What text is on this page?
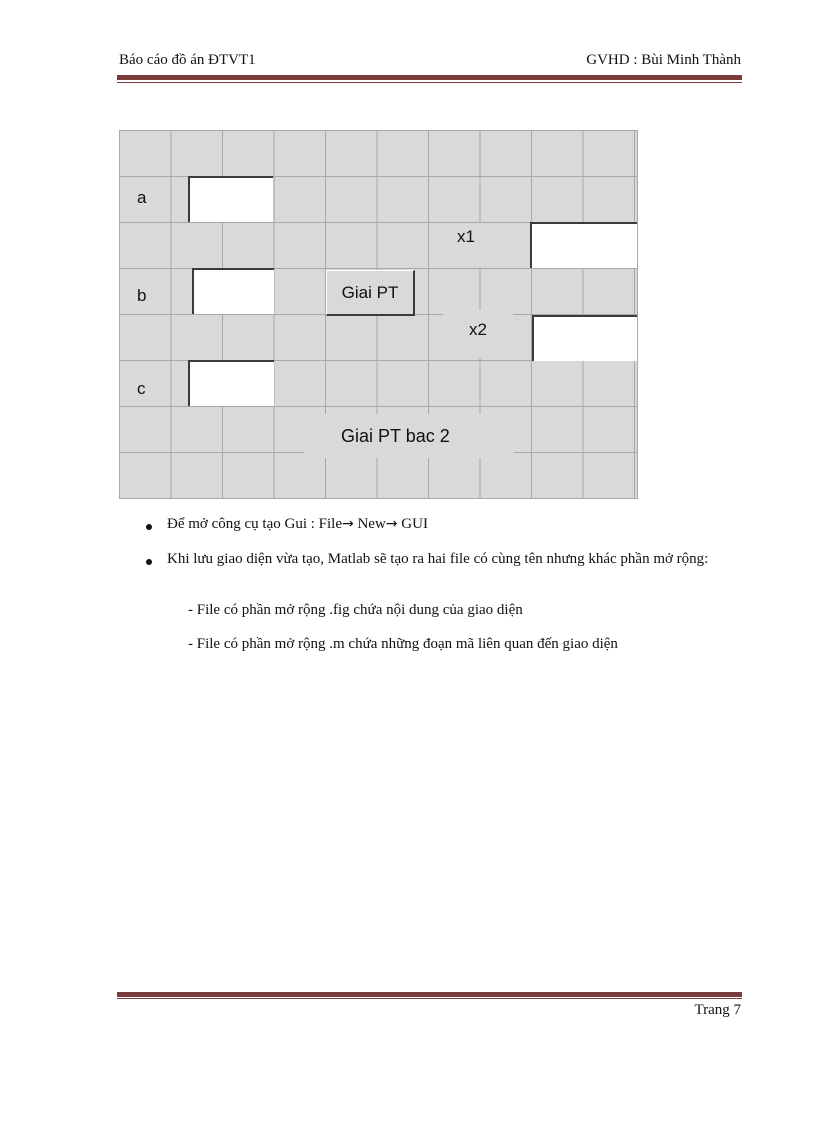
Báo cáo đồ án ĐTVT1	GVHD : Bùi Minh Thành
a
x1
b	Giai PT
x2
c
Giai PT bac 2
Để mở công cụ tạo Gui : File→ New→ GUI
Khi lưu giao diện vừa tạo, Matlab sẽ tạo ra hai file có cùng tên nhưng khác phần mở rộng:
- File có phần mở rộng .fig chứa nội dung của giao diện
- File có phần mở rộng .m chứa những đoạn mã liên quan đến giao diện
Trang 7
